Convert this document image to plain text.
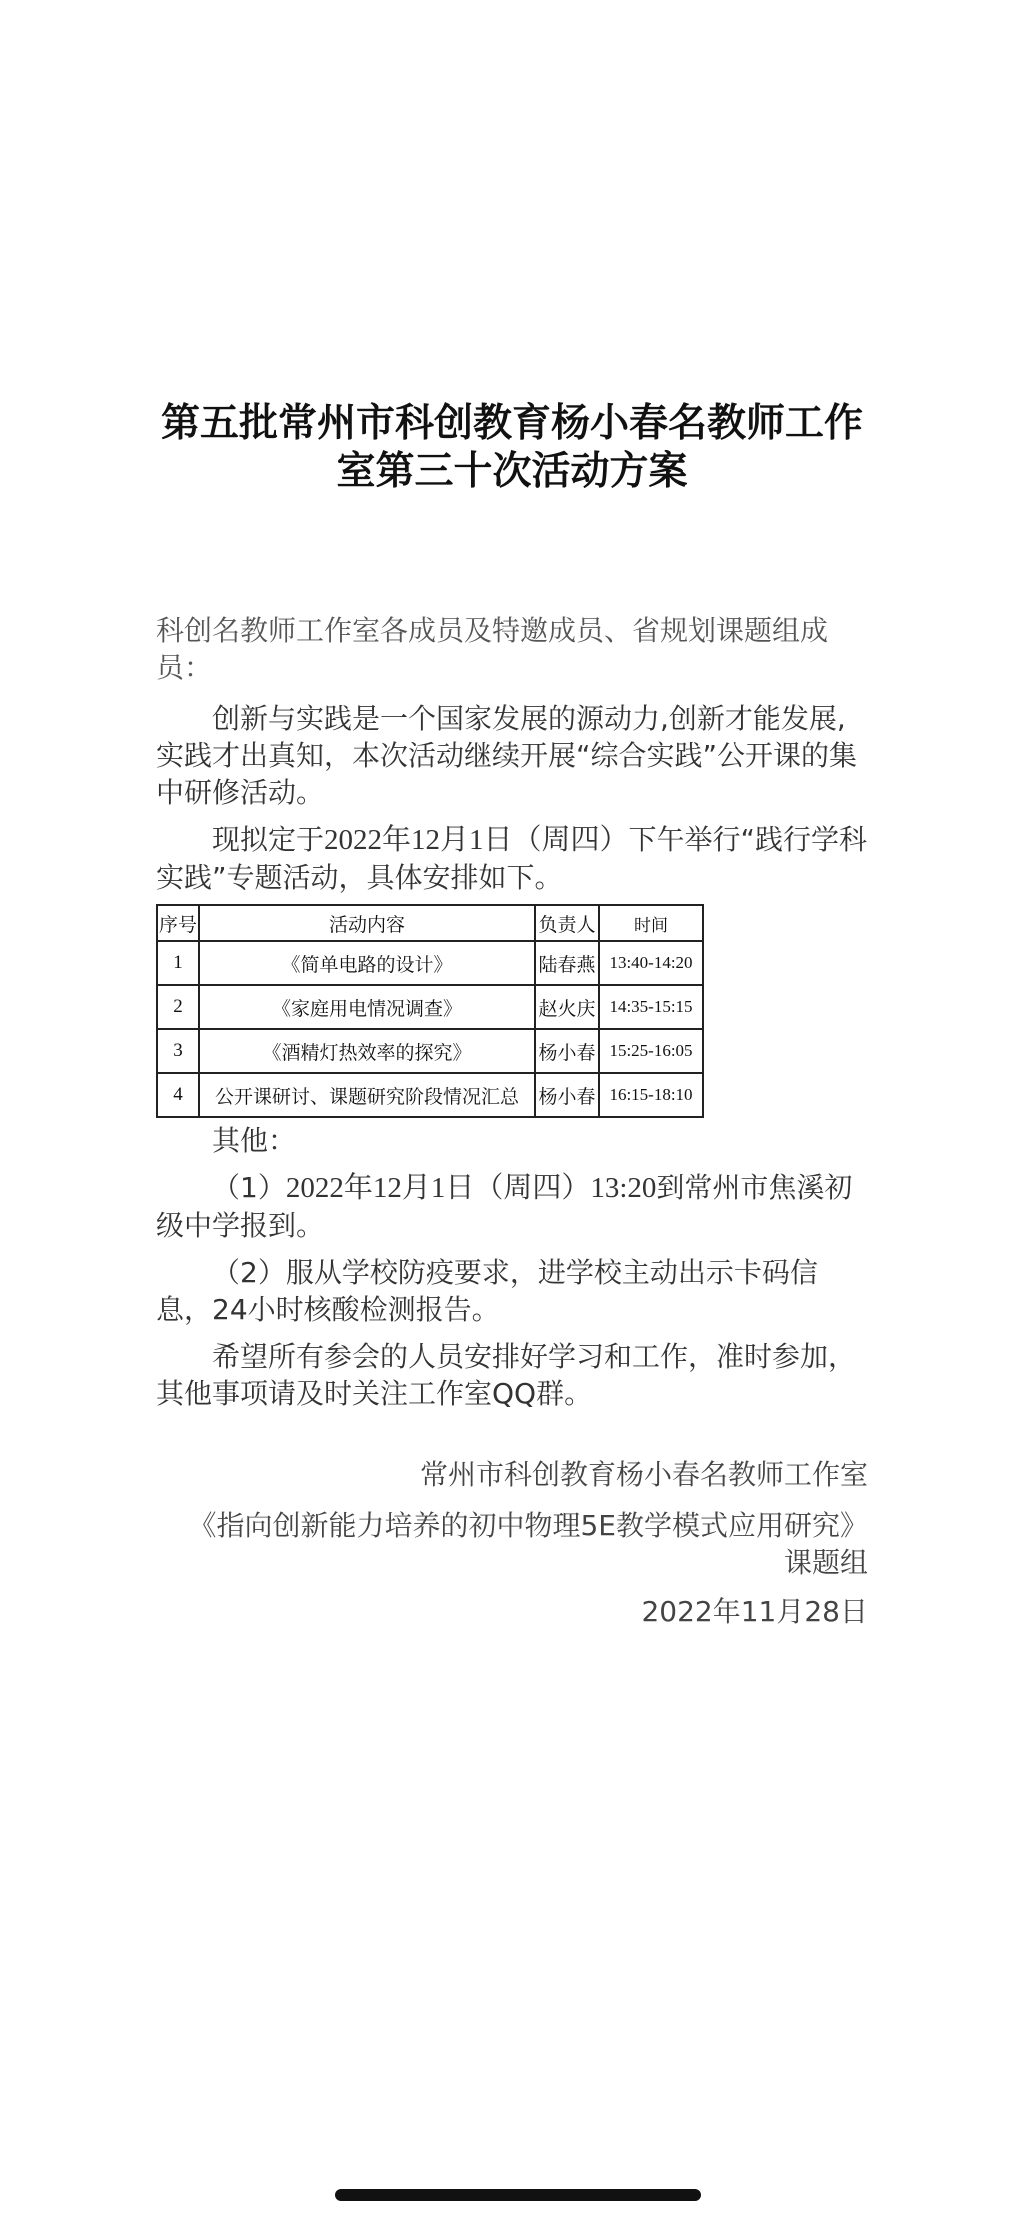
第五批常州市科创教育杨小春名教师工作室第三十次活动方案

科创名教师工作室各成员及特邀成员、省规划课题组成员：

创新与实践是一个国家发展的源动力,创新才能发展,实践才出真知，本次活动继续开展“综合实践”公开课的集中研修活动。

现拟定于2022年12月1日（周四）下午举行“践行学科实践”专题活动，具体安排如下。

序号	活动内容	负责人	时间
1	《简单电路的设计》	陆春燕	13:40-14:20
2	《家庭用电情况调查》	赵火庆	14:35-15:15
3	《酒精灯热效率的探究》	杨小春	15:25-16:05
4	公开课研讨、课题研究阶段情况汇总	杨小春	16:15-18:10

其他：

（1）2022年12月1日（周四）13:20到常州市焦溪初级中学报到。

（2）服从学校防疫要求，进学校主动出示卡码信息，24小时核酸检测报告。

希望所有参会的人员安排好学习和工作，准时参加，其他事项请及时关注工作室QQ群。

常州市科创教育杨小春名教师工作室

《指向创新能力培养的初中物理5E教学模式应用研究》课题组

2022年11月28日
